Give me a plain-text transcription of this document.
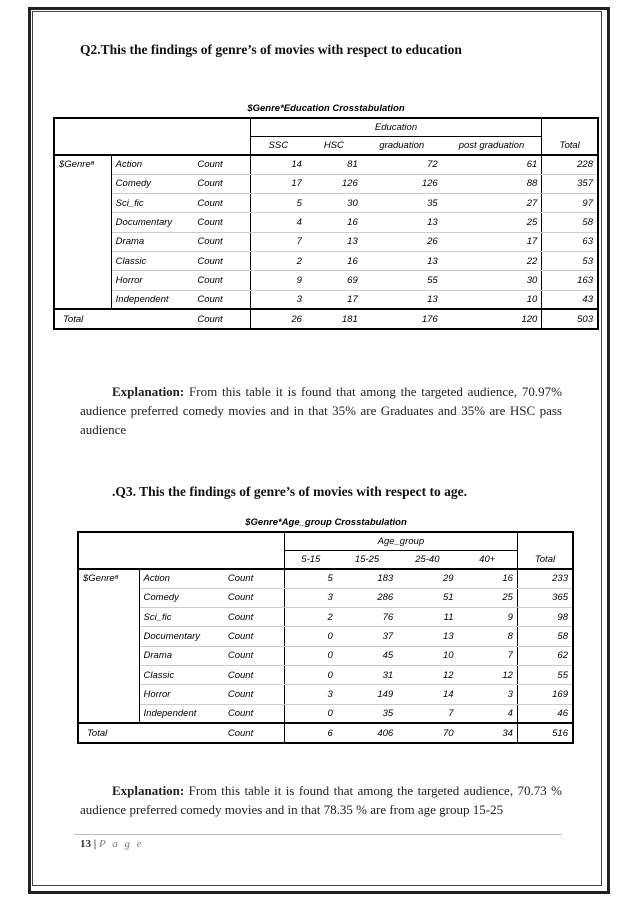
Q2.This the findings of genre’s of movies with respect to education
$Genre*Education Crosstabulation
			Education				
			SSC	HSC	graduation	post graduation	Total
$Genreᵃ	Action	Count	14	81	72	61	228
	Comedy	Count	17	126	126	88	357
	Sci_fic	Count	5	30	35	27	97
	Documentary	Count	4	16	13	25	58
	Drama	Count	7	13	26	17	63
	Classic	Count	2	16	13	22	53
	Horror	Count	9	69	55	30	163
	Independent	Count	3	17	13	10	43
Total		Count	26	181	176	120	503
Explanation: From this table it is found that among the targeted audience, 70.97% audience preferred comedy movies and in that 35% are Graduates and 35% are HSC pass audience
.Q3. This the findings of genre’s of movies with respect to age.
$Genre*Age_group Crosstabulation
			Age_group				
			5-15	15-25	25-40	40+	Total
$Genreᵃ	Action	Count	5	183	29	16	233
	Comedy	Count	3	286	51	25	365
	Sci_fic	Count	2	76	11	9	98
	Documentary	Count	0	37	13	8	58
	Drama	Count	0	45	10	7	62
	Classic	Count	0	31	12	12	55
	Horror	Count	3	149	14	3	169
	Independent	Count	0	35	7	4	46
Total		Count	6	406	70	34	516
Explanation: From this table it is found that among the targeted audience, 70.73 % audience preferred comedy movies and in that 78.35 % are from age group 15-25
13 | P a g e
